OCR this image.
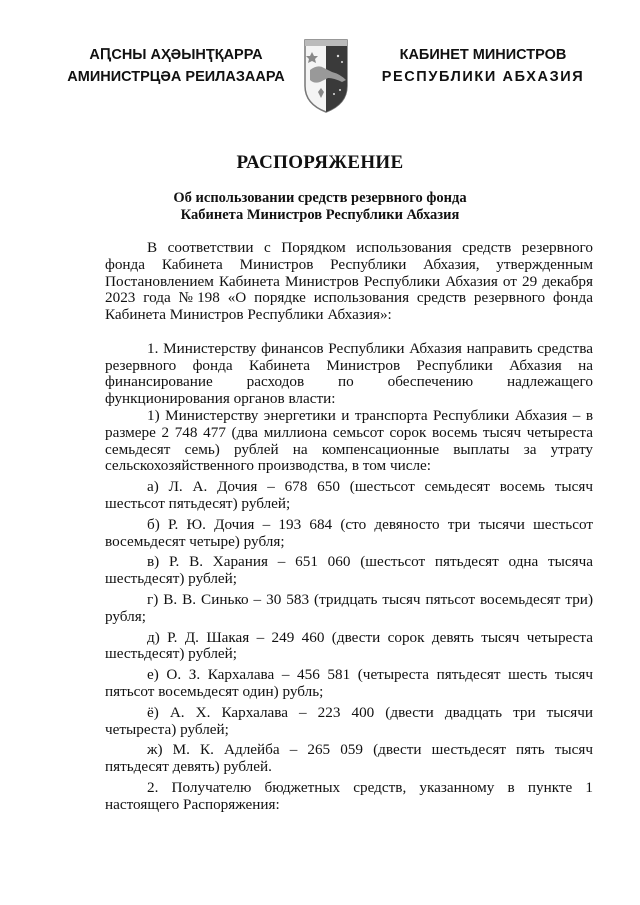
АԤСНЫ АҲӘЫНҬҚАРРА
АМИНИСТРЦӘА РЕИЛАЗААРА
КАБИНЕТ МИНИСТРОВ
РЕСПУБЛИКИ АБХАЗИЯ
РАСПОРЯЖЕНИЕ
Об использовании средств резервного фонда
Кабинета Министров Республики Абхазия

В соответствии с Порядком использования средств резервного фонда Кабинета Министров Республики Абхазия, утвержденным Постановлением Кабинета Министров Республики Абхазия от 29 декабря 2023 года №198 «О порядке использования средств резервного фонда Кабинета Министров Республики Абхазия»:

1. Министерству финансов Республики Абхазия направить средства резервного фонда Кабинета Министров Республики Абхазия на финансирование расходов по обеспечению надлежащего функционирования органов власти:

1) Министерству энергетики и транспорта Республики Абхазия – в размере 2 748 477 (два миллиона семьсот сорок восемь тысяч четыреста семьдесят семь) рублей на компенсационные выплаты за утрату сельскохозяйственного производства, в том числе:

а) Л. А. Дочия – 678 650 (шестьсот семьдесят восемь тысяч шестьсот пятьдесят) рублей;

б) Р. Ю. Дочия – 193 684 (сто девяносто три тысячи шестьсот восемьдесят четыре) рубля;

в) Р. В. Харания – 651 060 (шестьсот пятьдесят одна тысяча шестьдесят) рублей;

г) В. В. Синько – 30 583 (тридцать тысяч пятьсот восемьдесят три) рубля;

д) Р. Д. Шакая – 249 460 (двести сорок девять тысяч четыреста шестьдесят) рублей;

е) О. З. Кархалава – 456 581 (четыреста пятьдесят шесть тысяч пятьсот восемьдесят один) рубль;

ё) А. Х. Кархалава – 223 400 (двести двадцать три тысячи четыреста) рублей;

ж) М. К. Адлейба – 265 059 (двести шестьдесят пять тысяч пятьдесят девять) рублей.

2. Получателю бюджетных средств, указанному в пункте 1 настоящего Распоряжения:
